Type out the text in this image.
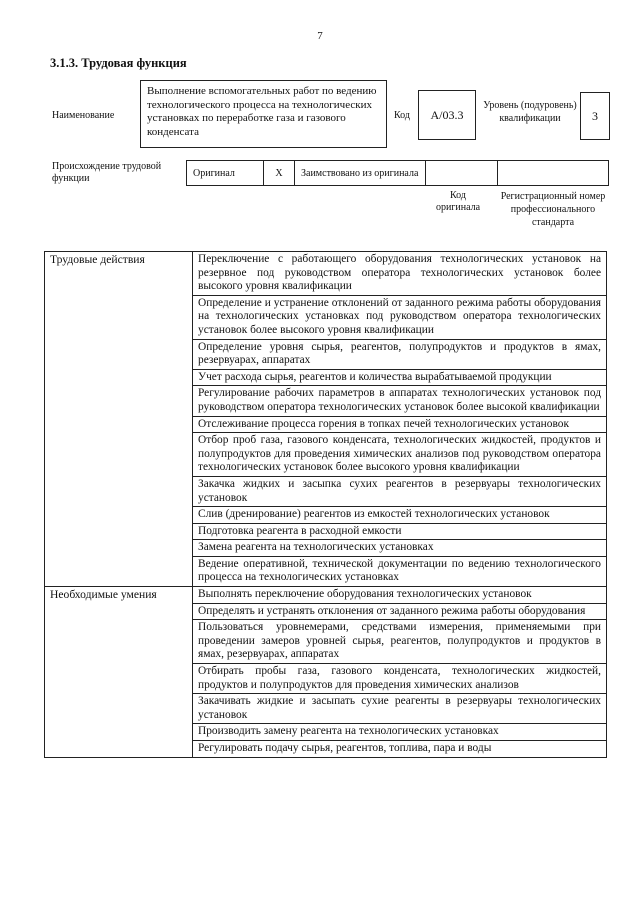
7
3.1.3. Трудовая функция
Наименование
Выполнение вспомогательных работ по ведению технологического процесса на технологических установках по переработке газа и газового конденсата
Код	А/03.3
Уровень (подуровень) квалификации	3
Происхождение трудовой функции	Оригинал	X	Заимствовано из оригинала		
Код оригинала
Регистрационный номер профессионального стандарта
Трудовые действия	Переключение с работающего оборудования технологических установок на резервное под руководством оператора технологических установок более высокого уровня квалификации
	Определение и устранение отклонений от заданного режима работы оборудования на технологических установках под руководством оператора технологических установок более высокого уровня квалификации
	Определение уровня сырья, реагентов, полупродуктов и продуктов в ямах, резервуарах, аппаратах
	Учет расхода сырья, реагентов и количества вырабатываемой продукции
	Регулирование рабочих параметров в аппаратах технологических установок под руководством оператора технологических установок более высокой квалификации
	Отслеживание процесса горения в топках печей технологических установок
	Отбор проб газа, газового конденсата, технологических жидкостей, продуктов и полупродуктов для проведения химических анализов под руководством оператора технологических установок более высокого уровня квалификации
	Закачка жидких и засыпка сухих реагентов в резервуары технологических установок
	Слив (дренирование) реагентов из емкостей технологических установок
	Подготовка реагента в расходной емкости
	Замена реагента на технологических установках
	Ведение оперативной, технической документации по ведению технологического процесса на технологических установках
Необходимые умения	Выполнять переключение оборудования технологических установок
	Определять и устранять отклонения от заданного режима работы оборудования
	Пользоваться уровнемерами, средствами измерения, применяемыми при проведении замеров уровней сырья, реагентов, полупродуктов и продуктов в ямах, резервуарах, аппаратах
	Отбирать пробы газа, газового конденсата, технологических жидкостей, продуктов и полупродуктов для проведения химических анализов
	Закачивать жидкие и засыпать сухие реагенты в резервуары технологических установок
	Производить замену реагента на технологических установках
	Регулировать подачу сырья, реагентов, топлива, пара и воды
